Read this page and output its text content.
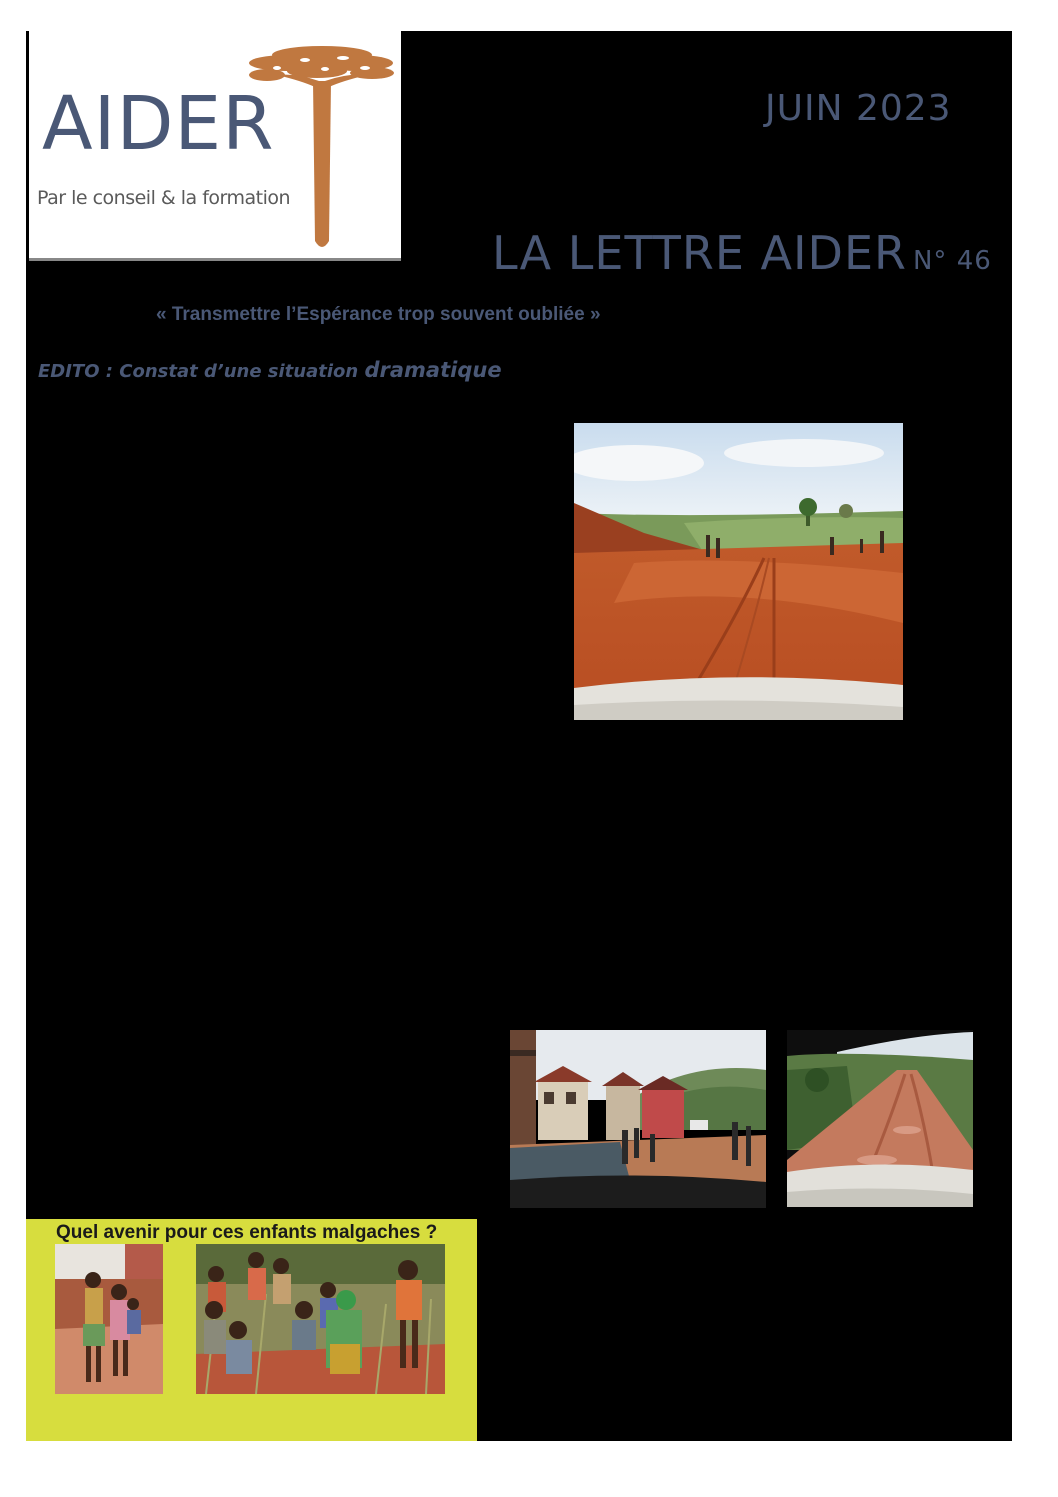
AIDER
Par le conseil & la formation
JUIN 2023
LA LETTRE AIDER N° 46
« Transmettre l’Espérance trop souvent oubliée »
EDITO : Constat d’une situation dramatique
Quel avenir pour ces enfants malgaches ?
